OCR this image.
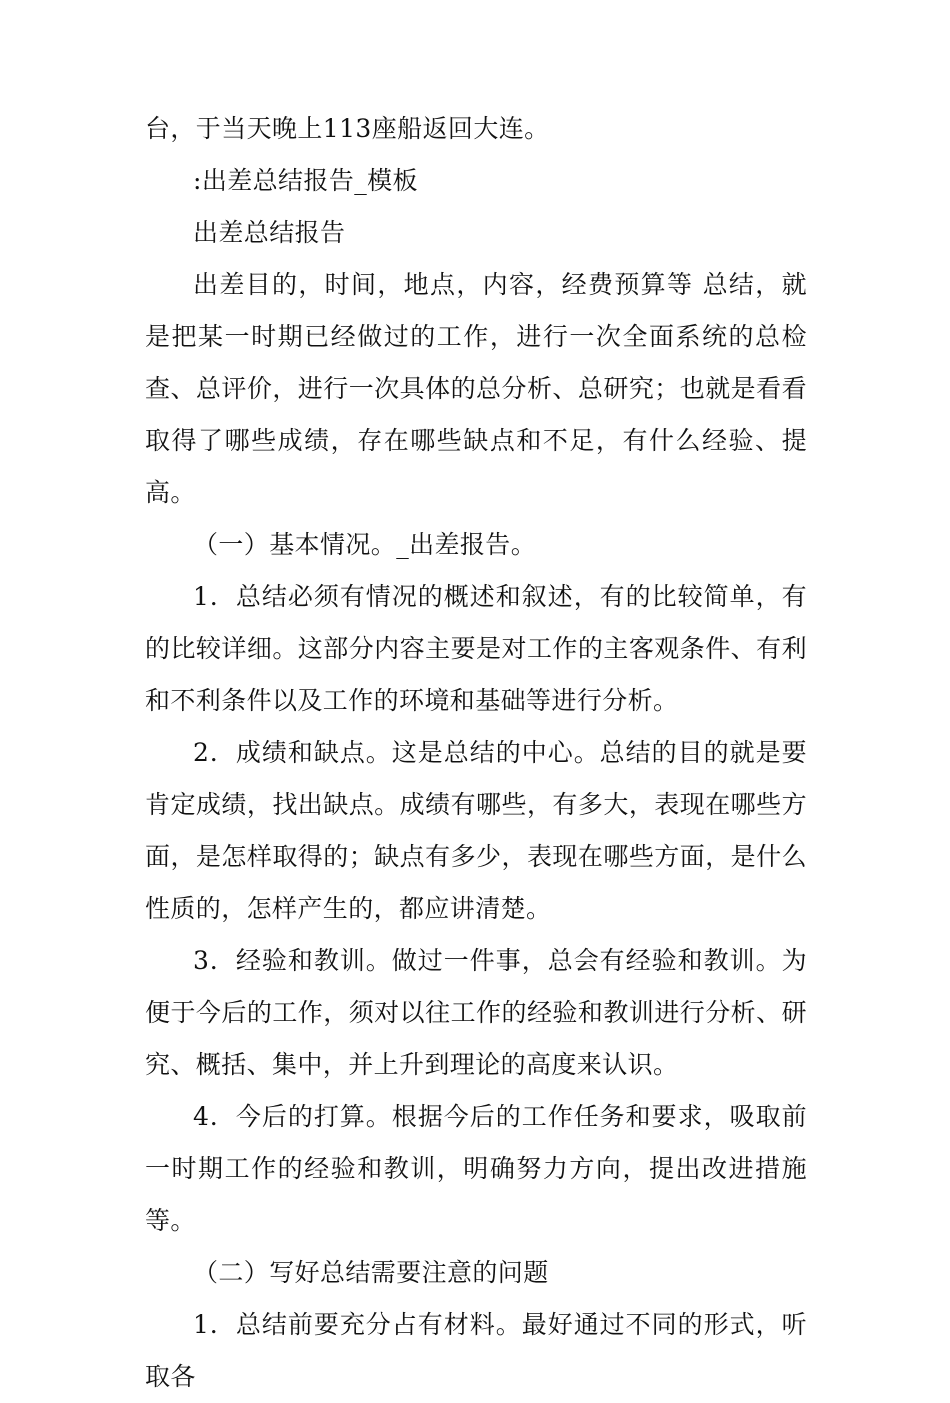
台，于当天晚上113座船返回大连。

:出差总结报告_模板

出差总结报告

出差目的，时间，地点，内容，经费预算等 总结，就是把某一时期已经做过的工作，进行一次全面系统的总检查、总评价，进行一次具体的总分析、总研究；也就是看看取得了哪些成绩，存在哪些缺点和不足，有什么经验、提高。

（一）基本情况。_出差报告。

1．总结必须有情况的概述和叙述，有的比较简单，有的比较详细。这部分内容主要是对工作的主客观条件、有利和不利条件以及工作的环境和基础等进行分析。

2．成绩和缺点。这是总结的中心。总结的目的就是要肯定成绩，找出缺点。成绩有哪些，有多大，表现在哪些方面，是怎样取得的；缺点有多少，表现在哪些方面，是什么性质的，怎样产生的，都应讲清楚。

3．经验和教训。做过一件事，总会有经验和教训。为便于今后的工作，须对以往工作的经验和教训进行分析、研究、概括、集中，并上升到理论的高度来认识。

4．今后的打算。根据今后的工作任务和要求，吸取前一时期工作的经验和教训，明确努力方向，提出改进措施等。

（二）写好总结需要注意的问题

1．总结前要充分占有材料。最好通过不同的形式，听取各
